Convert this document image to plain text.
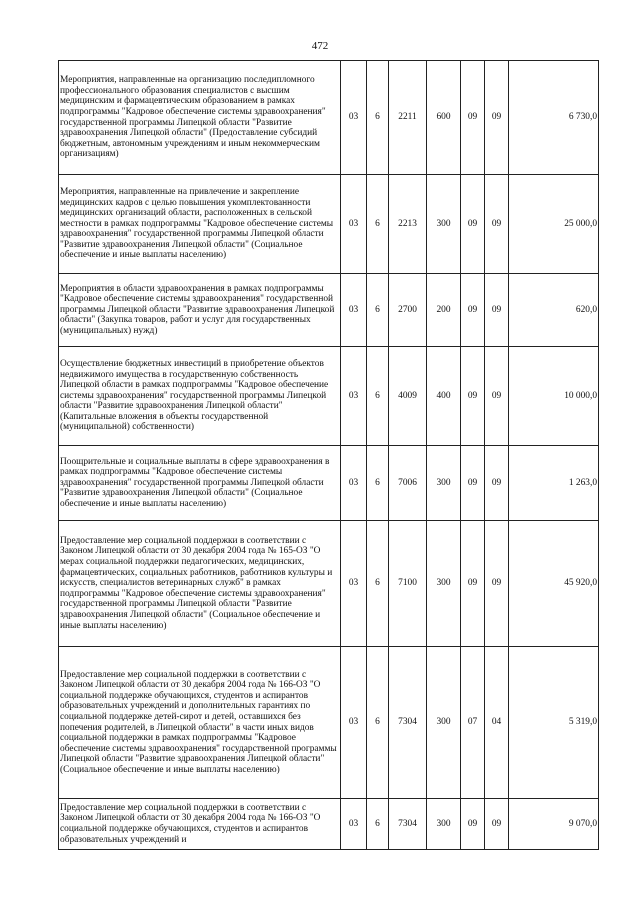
472
Мероприятия, направленные на организацию последипломного профессионального образования специалистов с высшим медицинским и фармацевтическим образованием в рамках подпрограммы "Кадровое обеспечение системы здравоохранения" государственной программы Липецкой области "Развитие здравоохранения Липецкой области" (Предоставление субсидий бюджетным, автономным учреждениям и иным некоммерческим организациям)	03	6	2211	600	09	09	6 730,0
Мероприятия, направленные на привлечение и закрепление медицинских кадров с целью повышения укомплектованности медицинских организаций области, расположенных в сельской местности в рамках подпрограммы "Кадровое обеспечение системы здравоохранения" государственной программы Липецкой области "Развитие здравоохранения Липецкой области" (Социальное обеспечение и иные выплаты населению)	03	6	2213	300	09	09	25 000,0
Мероприятия в области здравоохранения в рамках подпрограммы "Кадровое обеспечение системы здравоохранения" государственной программы Липецкой области "Развитие здравоохранения Липецкой области" (Закупка товаров, работ и услуг для государственных (муниципальных) нужд)	03	6	2700	200	09	09	620,0
Осуществление бюджетных инвестиций в приобретение объектов недвижимого имущества в государственную собственность Липецкой области в рамках подпрограммы "Кадровое обеспечение системы здравоохранения" государственной программы Липецкой области "Развитие здравоохранения Липецкой области" (Капитальные вложения в объекты государственной (муниципальной) собственности)	03	6	4009	400	09	09	10 000,0
Поощрительные и социальные выплаты в сфере здравоохранения в рамках подпрограммы "Кадровое обеспечение системы здравоохранения" государственной программы Липецкой области "Развитие здравоохранения Липецкой области" (Социальное обеспечение и иные выплаты населению)	03	6	7006	300	09	09	1 263,0
Предоставление мер социальной поддержки в соответствии с Законом Липецкой области от 30 декабря 2004 года № 165-ОЗ "О мерах социальной поддержки педагогических, медицинских, фармацевтических, социальных работников, работников культуры и искусств, специалистов ветеринарных служб" в рамках подпрограммы "Кадровое обеспечение системы здравоохранения" государственной программы Липецкой области "Развитие здравоохранения Липецкой области" (Социальное обеспечение и иные выплаты населению)	03	6	7100	300	09	09	45 920,0
Предоставление мер социальной поддержки в соответствии с Законом Липецкой области от 30 декабря 2004 года № 166-ОЗ "О социальной поддержке обучающихся, студентов и аспирантов образовательных учреждений и дополнительных гарантиях по социальной поддержке детей-сирот и детей, оставшихся без попечения родителей, в Липецкой области" в части иных видов социальной поддержки в рамках подпрограммы "Кадровое обеспечение системы здравоохранения" государственной программы Липецкой области "Развитие здравоохранения Липецкой области" (Социальное обеспечение и иные выплаты населению)	03	6	7304	300	07	04	5 319,0
Предоставление мер социальной поддержки в соответствии с Законом Липецкой области от 30 декабря 2004 года № 166-ОЗ "О социальной поддержке обучающихся, студентов и аспирантов образовательных учреждений и	03	6	7304	300	09	09	9 070,0
